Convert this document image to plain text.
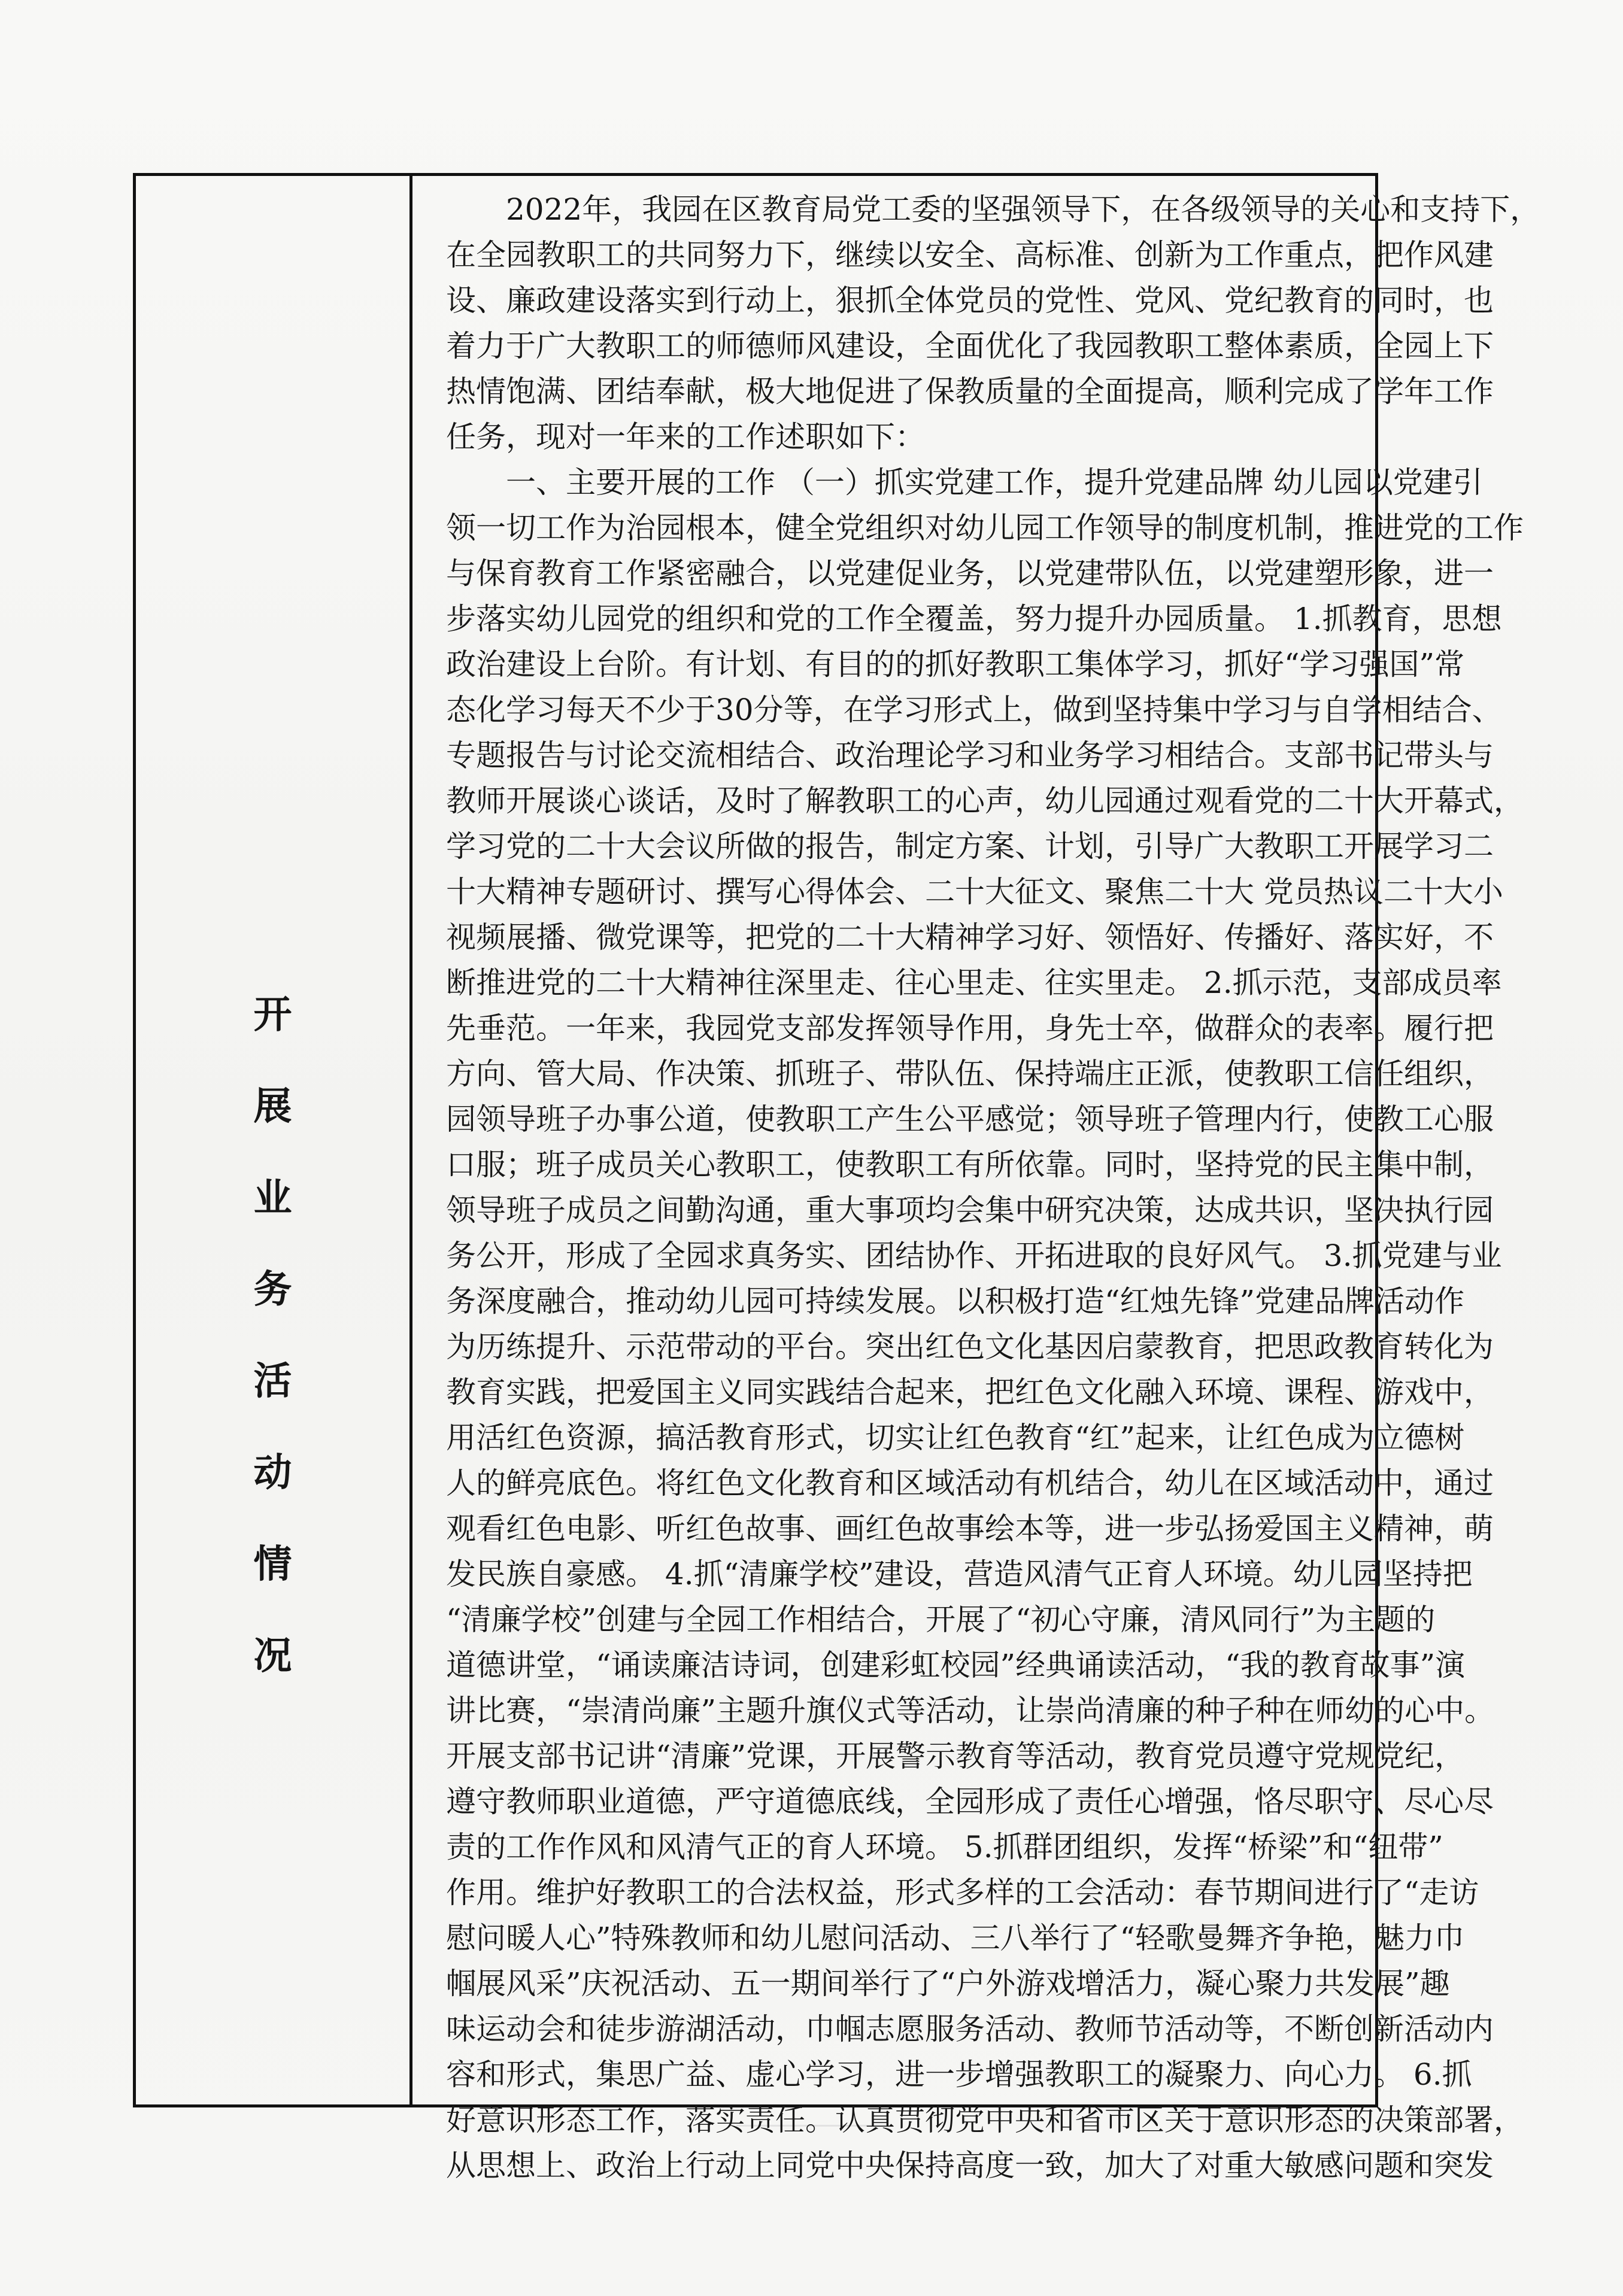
开
展
业
务
活
动
情
况
2022年，我园在区教育局党工委的坚强领导下，在各级领导的关心和支持下，
在全园教职工的共同努力下，继续以安全、高标准、创新为工作重点，把作风建
设、廉政建设落实到行动上，狠抓全体党员的党性、党风、党纪教育的同时，也
着力于广大教职工的师德师风建设，全面优化了我园教职工整体素质，全园上下
热情饱满、团结奉献，极大地促进了保教质量的全面提高，顺利完成了学年工作
任务，现对一年来的工作述职如下：
一、主要开展的工作 （一）抓实党建工作，提升党建品牌 幼儿园以党建引
领一切工作为治园根本，健全党组织对幼儿园工作领导的制度机制，推进党的工作
与保育教育工作紧密融合，以党建促业务，以党建带队伍，以党建塑形象，进一
步落实幼儿园党的组织和党的工作全覆盖，努力提升办园质量。 1.抓教育，思想
政治建设上台阶。有计划、有目的的抓好教职工集体学习，抓好“学习强国”常
态化学习每天不少于30分等，在学习形式上，做到坚持集中学习与自学相结合、
专题报告与讨论交流相结合、政治理论学习和业务学习相结合。支部书记带头与
教师开展谈心谈话，及时了解教职工的心声，幼儿园通过观看党的二十大开幕式，
学习党的二十大会议所做的报告，制定方案、计划，引导广大教职工开展学习二
十大精神专题研讨、撰写心得体会、二十大征文、聚焦二十大 党员热议二十大小
视频展播、微党课等，把党的二十大精神学习好、领悟好、传播好、落实好，不
断推进党的二十大精神往深里走、往心里走、往实里走。 2.抓示范，支部成员率
先垂范。一年来，我园党支部发挥领导作用，身先士卒，做群众的表率。履行把
方向、管大局、作决策、抓班子、带队伍、保持端庄正派，使教职工信任组织，
园领导班子办事公道，使教职工产生公平感觉；领导班子管理内行，使教工心服
口服；班子成员关心教职工，使教职工有所依靠。同时，坚持党的民主集中制，
领导班子成员之间勤沟通，重大事项均会集中研究决策，达成共识，坚决执行园
务公开，形成了全园求真务实、团结协作、开拓进取的良好风气。 3.抓党建与业
务深度融合，推动幼儿园可持续发展。以积极打造“红烛先锋”党建品牌活动作
为历练提升、示范带动的平台。突出红色文化基因启蒙教育，把思政教育转化为
教育实践，把爱国主义同实践结合起来，把红色文化融入环境、课程、游戏中，
用活红色资源，搞活教育形式，切实让红色教育“红”起来，让红色成为立德树
人的鲜亮底色。将红色文化教育和区域活动有机结合，幼儿在区域活动中，通过
观看红色电影、听红色故事、画红色故事绘本等，进一步弘扬爱国主义精神，萌
发民族自豪感。 4.抓“清廉学校”建设，营造风清气正育人环境。幼儿园坚持把
“清廉学校”创建与全园工作相结合，开展了“初心守廉，清风同行”为主题的
道德讲堂，“诵读廉洁诗词，创建彩虹校园”经典诵读活动，“我的教育故事”演
讲比赛，“崇清尚廉”主题升旗仪式等活动，让崇尚清廉的种子种在师幼的心中。
开展支部书记讲“清廉”党课，开展警示教育等活动，教育党员遵守党规党纪，
遵守教师职业道德，严守道德底线，全园形成了责任心增强，恪尽职守、尽心尽
责的工作作风和风清气正的育人环境。 5.抓群团组织，发挥“桥梁”和“纽带”
作用。维护好教职工的合法权益，形式多样的工会活动：春节期间进行了“走访
慰问暖人心”特殊教师和幼儿慰问活动、三八举行了“轻歌曼舞齐争艳，魅力巾
帼展风采”庆祝活动、五一期间举行了“户外游戏增活力，凝心聚力共发展”趣
味运动会和徒步游湖活动，巾帼志愿服务活动、教师节活动等，不断创新活动内
容和形式，集思广益、虚心学习，进一步增强教职工的凝聚力、向心力。 6.抓
好意识形态工作，落实责任。认真贯彻党中央和省市区关于意识形态的决策部署，
从思想上、政治上行动上同党中央保持高度一致，加大了对重大敏感问题和突发
